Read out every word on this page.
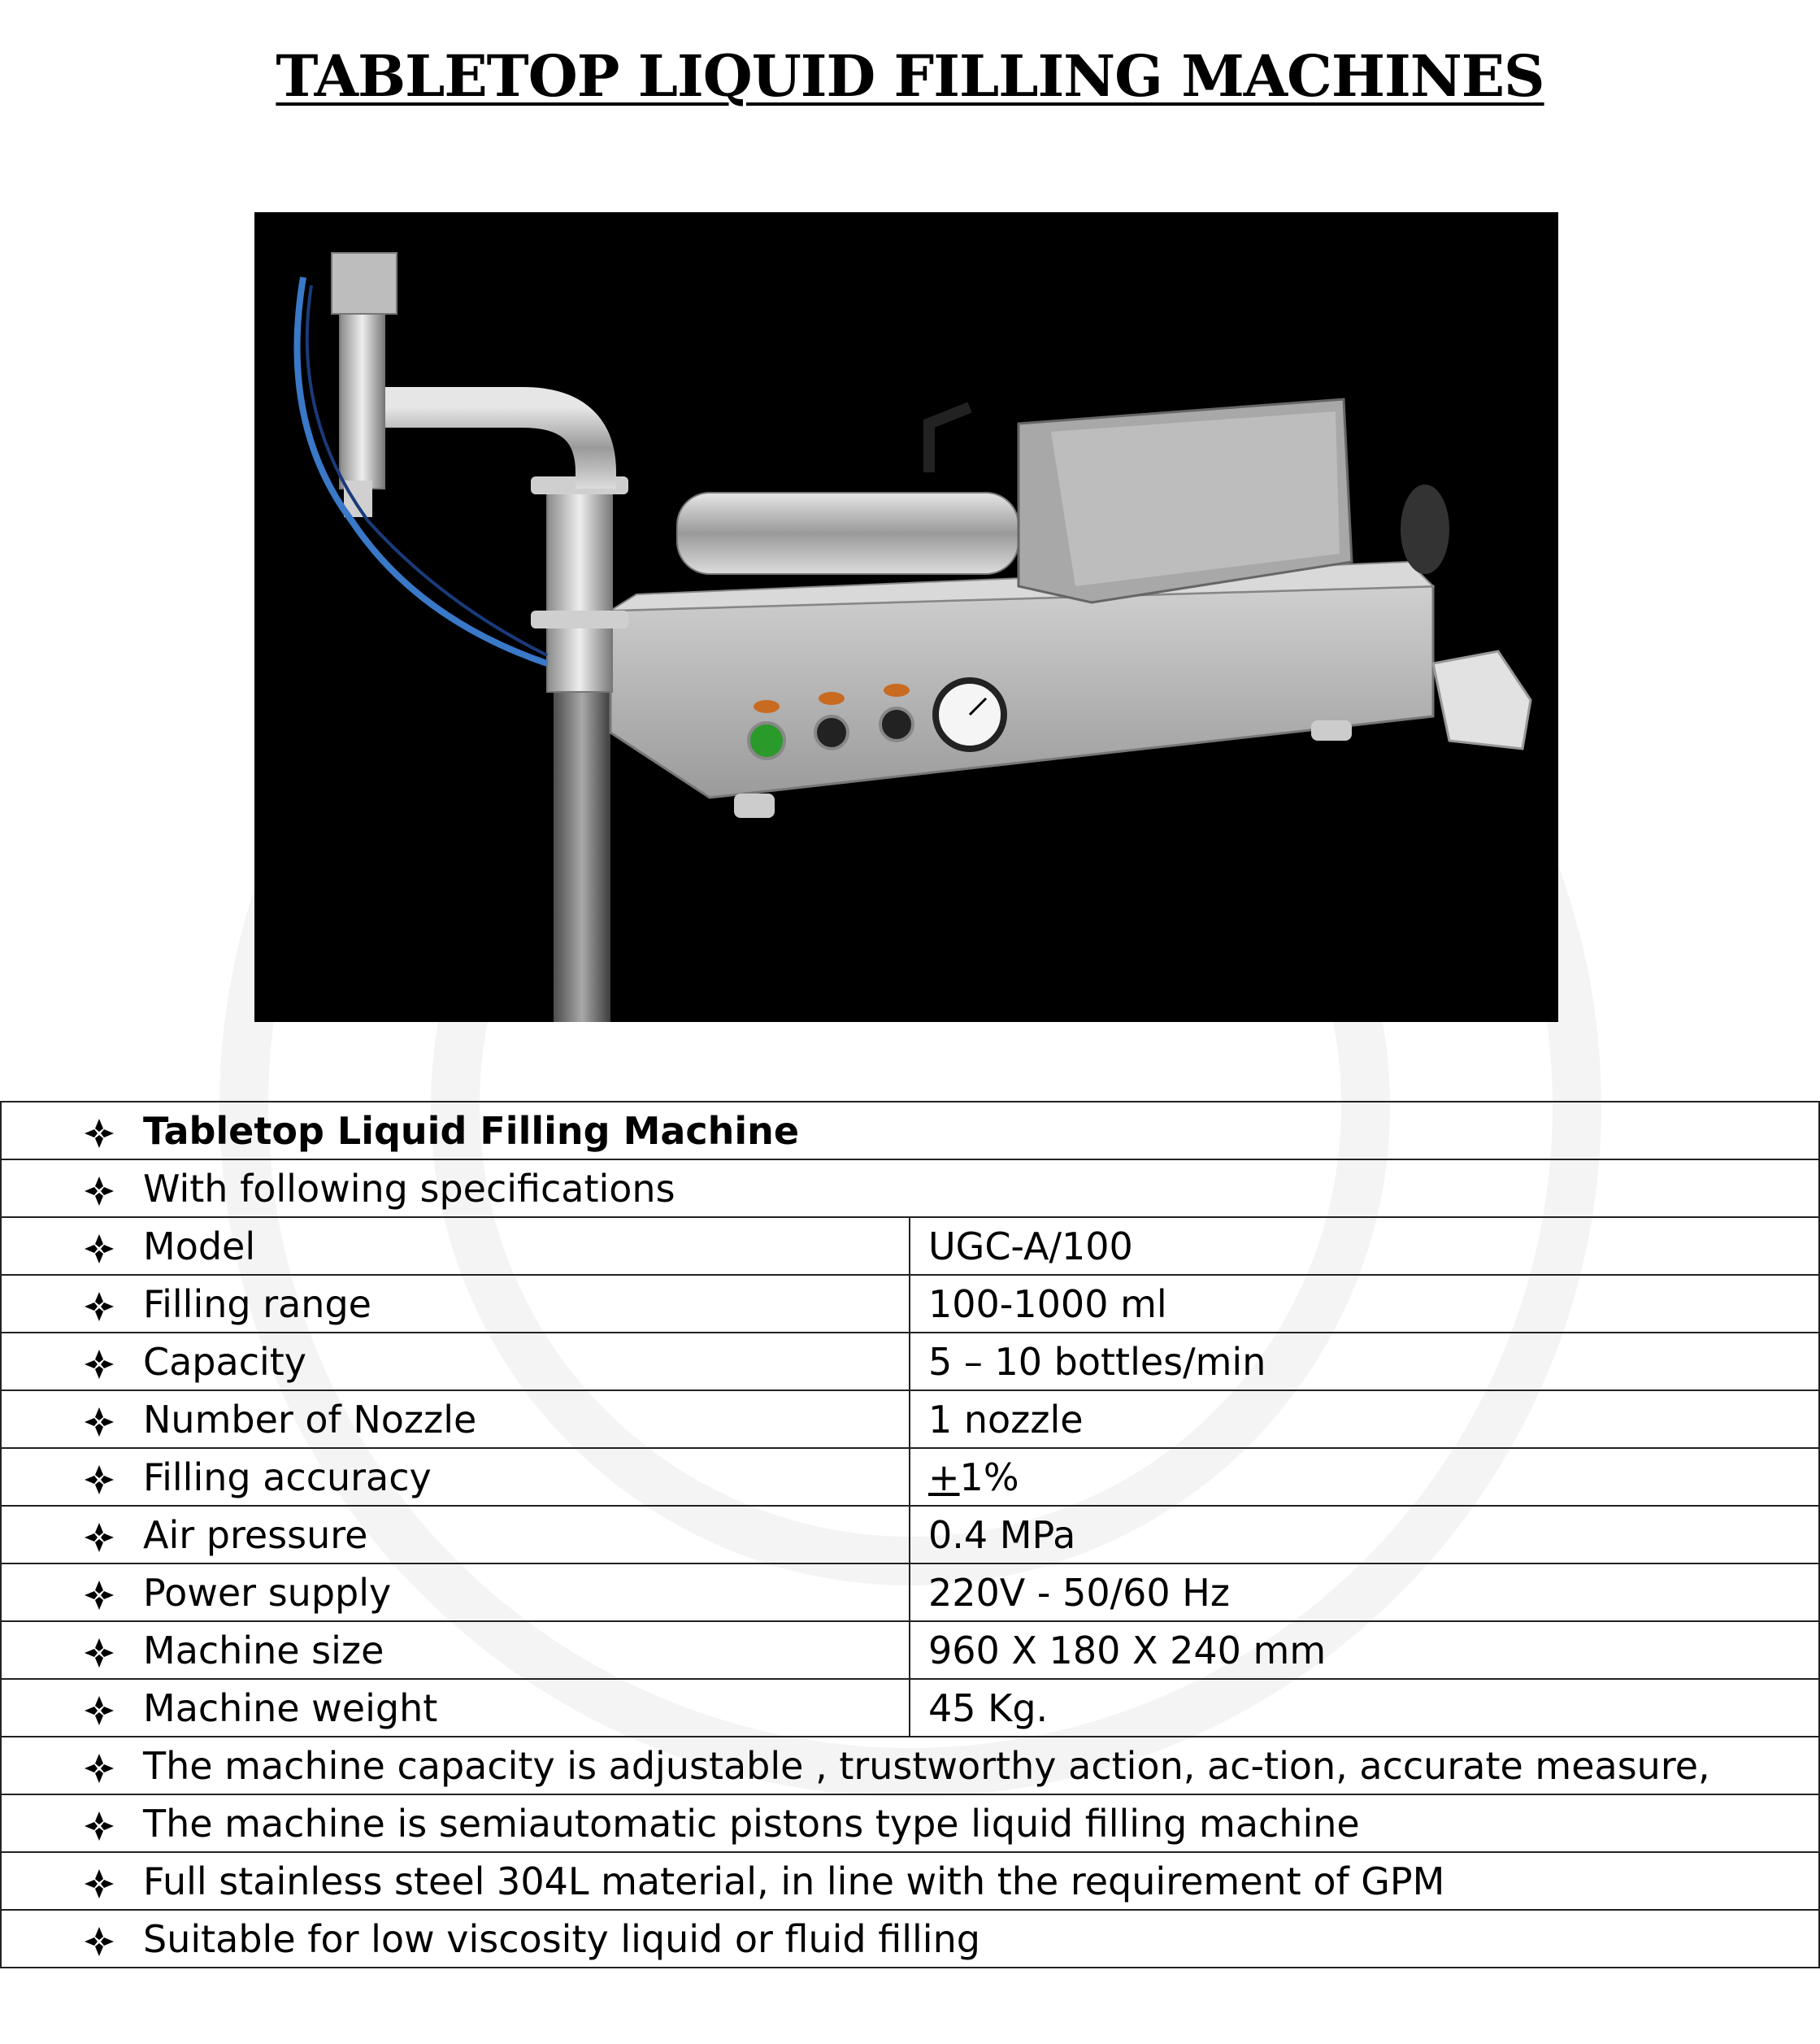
TABLETOP LIQUID FILLING MACHINES
Tabletop Liquid Filling Machine	

With following specifications	

Model	UGC-A/100

Filling range	100-1000 ml

Capacity	5 – 10 bottles/min

Number of Nozzle	1 nozzle

Filling accuracy	+1%

Air pressure	0.4 MPa

Power supply	220V - 50/60 Hz

Machine size	960 X 180 X 240 mm

Machine weight	45 Kg.

The machine capacity is adjustable , trustworthy action, ac-tion, accurate measure,	

The machine is semiautomatic pistons type liquid filling machine	

Full stainless steel 304L material, in line with the requirement of GPM	

Suitable for low viscosity liquid or fluid filling	
